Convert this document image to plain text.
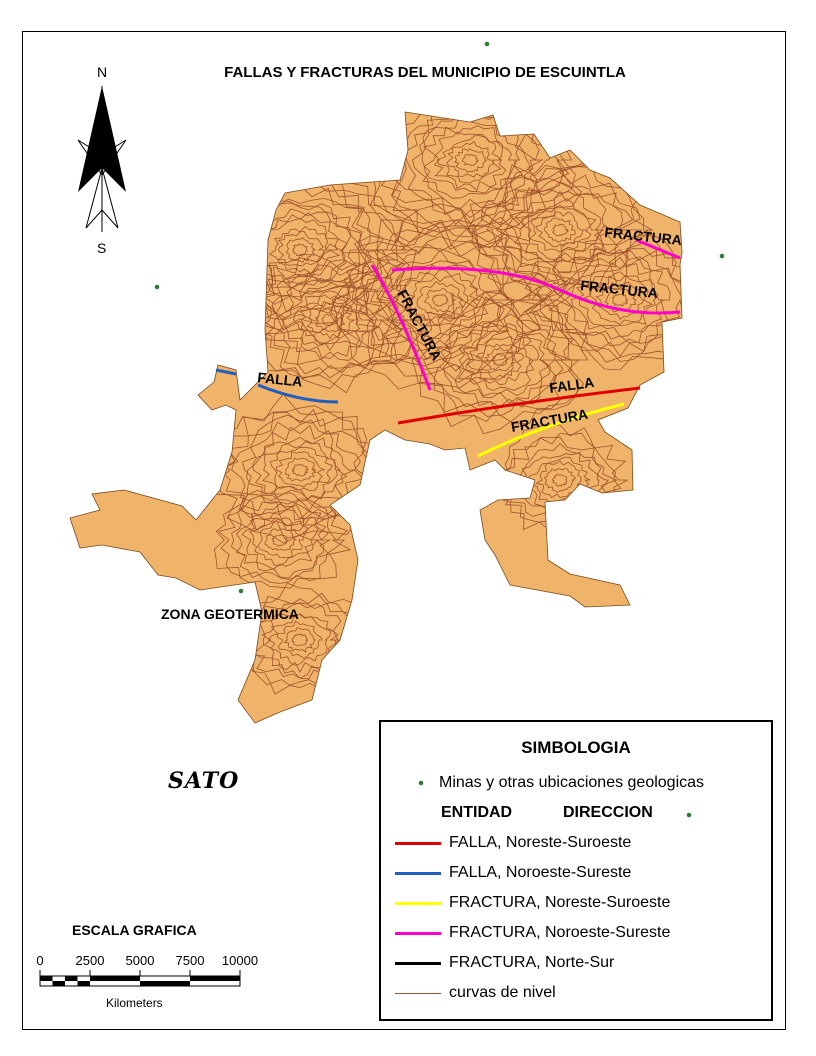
FALLAS Y FRACTURAS DEL MUNICIPIO DE ESCUINTLA
FALLA
FRACTURA
FRACTURA
FRACTURA
FALLA
FRACTURA
N
S
ZONA GEOTERMICA
SATO
ESCALA GRAFICA
0 2500 5000 7500 10000
Kilometers
SIMBOLOGIA
Minas y otras ubicaciones geologicas
ENTIDAD	DIRECCION
FALLA, Noreste-Suroeste
FALLA, Noroeste-Sureste
FRACTURA, Noreste-Suroeste
FRACTURA, Noroeste-Sureste
FRACTURA, Norte-Sur
curvas de nivel
